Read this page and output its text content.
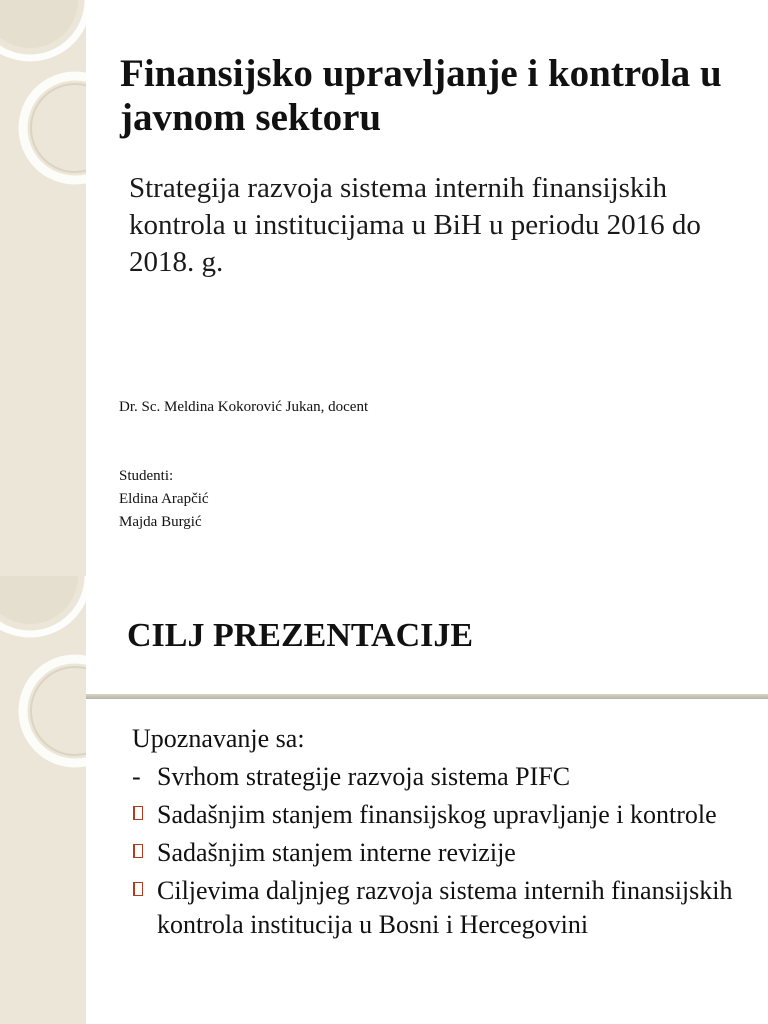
Finansijsko upravljanje i kontrola u javnom sektoru

Strategija razvoja sistema internih finansijskih kontrola u institucijama u BiH u periodu 2016 do 2018. g.

Dr. Sc. Meldina Kokorović Jukan, docent
Studenti:
Eldina Arapčić
Majda Burgić
CILJ PREZENTACIJE

Upoznavanje sa:

- Svrhom strategije razvoja sistema PIFC
Sadašnjim stanjem finansijskog upravljanje i kontrole
Sadašnjim stanjem interne revizije
Ciljevima daljnjeg razvoja sistema internih finansijskih kontrola institucija u Bosni i Hercegovini
